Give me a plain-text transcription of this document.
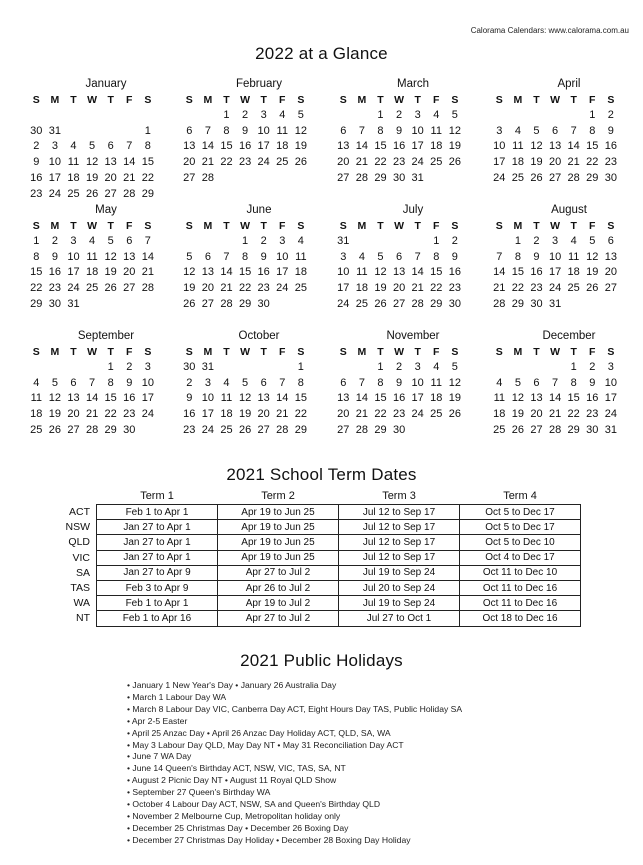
Calorama Calendars: www.calorama.com.au
2022 at a Glance
January
S	M	T	W	T	F	S

30	31					1
2	3	4	5	6	7	8
9	10	11	12	13	14	15
16	17	18	19	20	21	22
23	24	25	26	27	28	29
February
S	M	T	W	T	F	S
		1	2	3	4	5
6	7	8	9	10	11	12
13	14	15	16	17	18	19
20	21	22	23	24	25	26
27	28					

March
S	M	T	W	T	F	S
		1	2	3	4	5
6	7	8	9	10	11	12
13	14	15	16	17	18	19
20	21	22	23	24	25	26
27	28	29	30	31		

April
S	M	T	W	T	F	S
					1	2
3	4	5	6	7	8	9
10	11	12	13	14	15	16
17	18	19	20	21	22	23
24	25	26	27	28	29	30

May
S	M	T	W	T	F	S
1	2	3	4	5	6	7
8	9	10	11	12	13	14
15	16	17	18	19	20	21
22	23	24	25	26	27	28
29	30	31				

June
S	M	T	W	T	F	S
			1	2	3	4
5	6	7	8	9	10	11
12	13	14	15	16	17	18
19	20	21	22	23	24	25
26	27	28	29	30		

July
S	M	T	W	T	F	S
31					1	2
3	4	5	6	7	8	9
10	11	12	13	14	15	16
17	18	19	20	21	22	23
24	25	26	27	28	29	30

August
S	M	T	W	T	F	S
	1	2	3	4	5	6
7	8	9	10	11	12	13
14	15	16	17	18	19	20
21	22	23	24	25	26	27
28	29	30	31			

September
S	M	T	W	T	F	S
				1	2	3
4	5	6	7	8	9	10
11	12	13	14	15	16	17
18	19	20	21	22	23	24
25	26	27	28	29	30	

October
S	M	T	W	T	F	S
30	31					1
2	3	4	5	6	7	8
9	10	11	12	13	14	15
16	17	18	19	20	21	22
23	24	25	26	27	28	29

November
S	M	T	W	T	F	S
		1	2	3	4	5
6	7	8	9	10	11	12
13	14	15	16	17	18	19
20	21	22	23	24	25	26
27	28	29	30			

December
S	M	T	W	T	F	S
				1	2	3
4	5	6	7	8	9	10
11	12	13	14	15	16	17
18	19	20	21	22	23	24
25	26	27	28	29	30	31

2021 School Term Dates
	Term 1	Term 2	Term 3	Term 4
ACT	Feb 1 to Apr 1	Apr 19 to Jun 25	Jul 12 to Sep 17	Oct 5 to Dec 17
NSW	Jan 27 to Apr 1	Apr 19 to Jun 25	Jul 12 to Sep 17	Oct 5 to Dec 17
QLD	Jan 27 to Apr 1	Apr 19 to Jun 25	Jul 12 to Sep 17	Oct 5 to Dec 10
VIC	Jan 27 to Apr 1	Apr 19 to Jun 25	Jul 12 to Sep 17	Oct 4 to Dec 17
SA	Jan 27 to Apr 9	Apr 27 to Jul 2	Jul 19 to Sep 24	Oct 11 to Dec 10
TAS	Feb 3 to Apr 9	Apr 26 to Jul 2	Jul 20 to Sep 24	Oct 11 to Dec 16
WA	Feb 1 to Apr 1	Apr 19 to Jul 2	Jul 19 to Sep 24	Oct 11 to Dec 16
NT	Feb 1 to Apr 16	Apr 27 to Jul 2	Jul 27 to Oct 1	Oct 18 to Dec 16
2021 Public Holidays
• January 1 New Year's Day • January 26 Australia Day
• March 1 Labour Day WA
• March 8 Labour Day VIC, Canberra Day ACT, Eight Hours Day TAS, Public Holiday SA
• Apr 2-5 Easter
• April 25 Anzac Day • April 26 Anzac Day Holiday ACT, QLD, SA, WA
• May 3 Labour Day QLD, May Day NT • May 31 Reconciliation Day ACT
• June 7 WA Day
• June 14 Queen's Birthday ACT, NSW, VIC, TAS, SA, NT
• August 2 Picnic Day NT • August 11 Royal QLD Show
• September 27 Queen's Birthday WA
• October 4 Labour Day ACT, NSW, SA and Queen's Birthday QLD
• November 2 Melbourne Cup, Metropolitan holiday only
• December 25 Christmas Day • December 26 Boxing Day
• December 27 Christmas Day Holiday • December 28 Boxing Day Holiday
